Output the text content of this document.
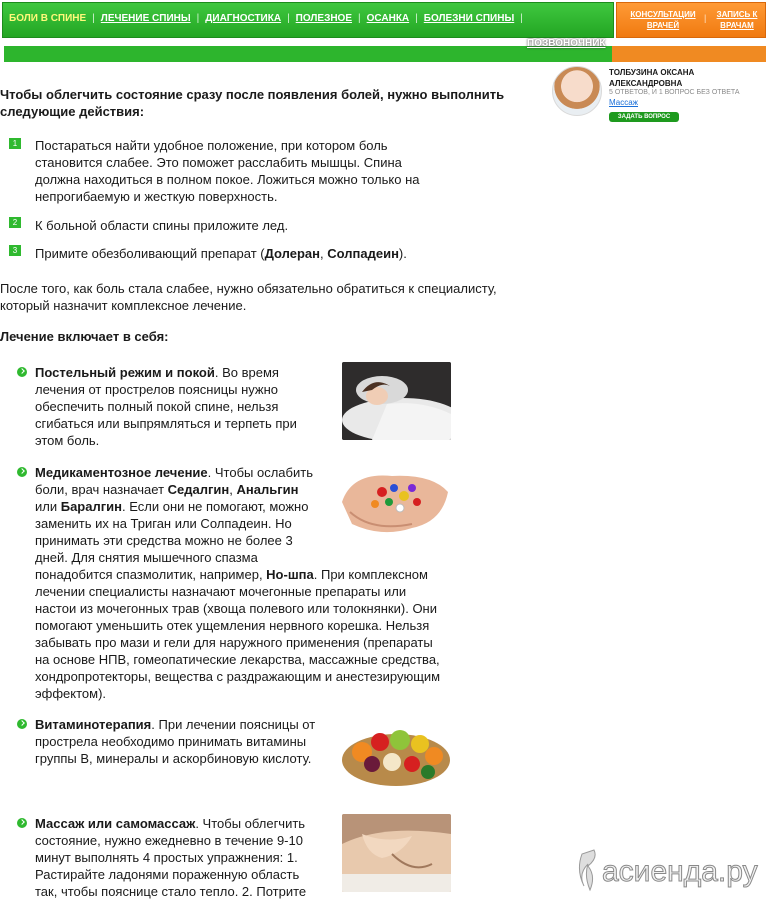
БОЛИ В СПИНЕ | ЛЕЧЕНИЕ СПИНЫ | ДИАГНОСТИКА | ПОЛЕЗНОЕ | ОСАНКА | БОЛЕЗНИ СПИНЫ |
ПОЗВОНОЧНИК
КОНСУЛЬТАЦИИ
ВРАЧЕЙ
|	ЗАПИСЬ К
ВРАЧАМ
ТОЛБУЗИНА ОКСАНА АЛЕКСАНДРОВНА
5 ОТВЕТОВ, И 1 ВОПРОС БЕЗ ОТВЕТА
Массаж
ЗАДАТЬ ВОПРОС
Чтобы облегчить состояние сразу после появления болей, нужно выполнить следующие действия:
1 Постараться найти удобное положение, при котором боль
становится слабее. Это поможет расслабить мышцы. Спина
должна находиться в полном покое. Ложиться можно только на
непрогибаемую и жесткую поверхность.
2 К больной области спины приложите лед.
3 Примите обезболивающий препарат (Долеран, Солпадеин).
После того, как боль стала слабее, нужно обязательно обратиться к специалисту,
который назначит комплексное лечение.
Лечение включает в себя:
Постельный режим и покой. Во время
лечения от прострелов поясницы нужно
обеспечить полный покой спине, нельзя
сгибаться или выпрямляться и терпеть при
этом боль.
Медикаментозное лечение. Чтобы ослабить
боли, врач назначает Седалгин, Анальгин
или Баралгин. Если они не помогают, можно
заменить их на Триган или Солпадеин. Но
принимать эти средства можно не более 3
дней. Для снятия мышечного спазма
понадобится спазмолитик, например, Но-шпа. При комплексном
лечении специалисты назначают мочегонные препараты или
настои из мочегонных трав (хвоща полевого или толокнянки). Они
помогают уменьшить отек ущемления нервного корешка. Нельзя
забывать про мази и гели для наружного применения (препараты
на основе НПВ, гомеопатические лекарства, массажные средства,
хондропротекторы, вещества с раздражающим и анестезирующим
эффектом).
Витаминотерапия. При лечении поясницы от
прострела необходимо принимать витамины
группы В, минералы и аскорбиновую кислоту.
Массаж или самомассаж. Чтобы облегчить
состояние, нужно ежедневно в течение 9-10
минут выполнять 4 простых упражнения: 1.
Растирайте ладонями пораженную область
так, чтобы пояснице стало тепло. 2. Потрите
асиенда.ру
